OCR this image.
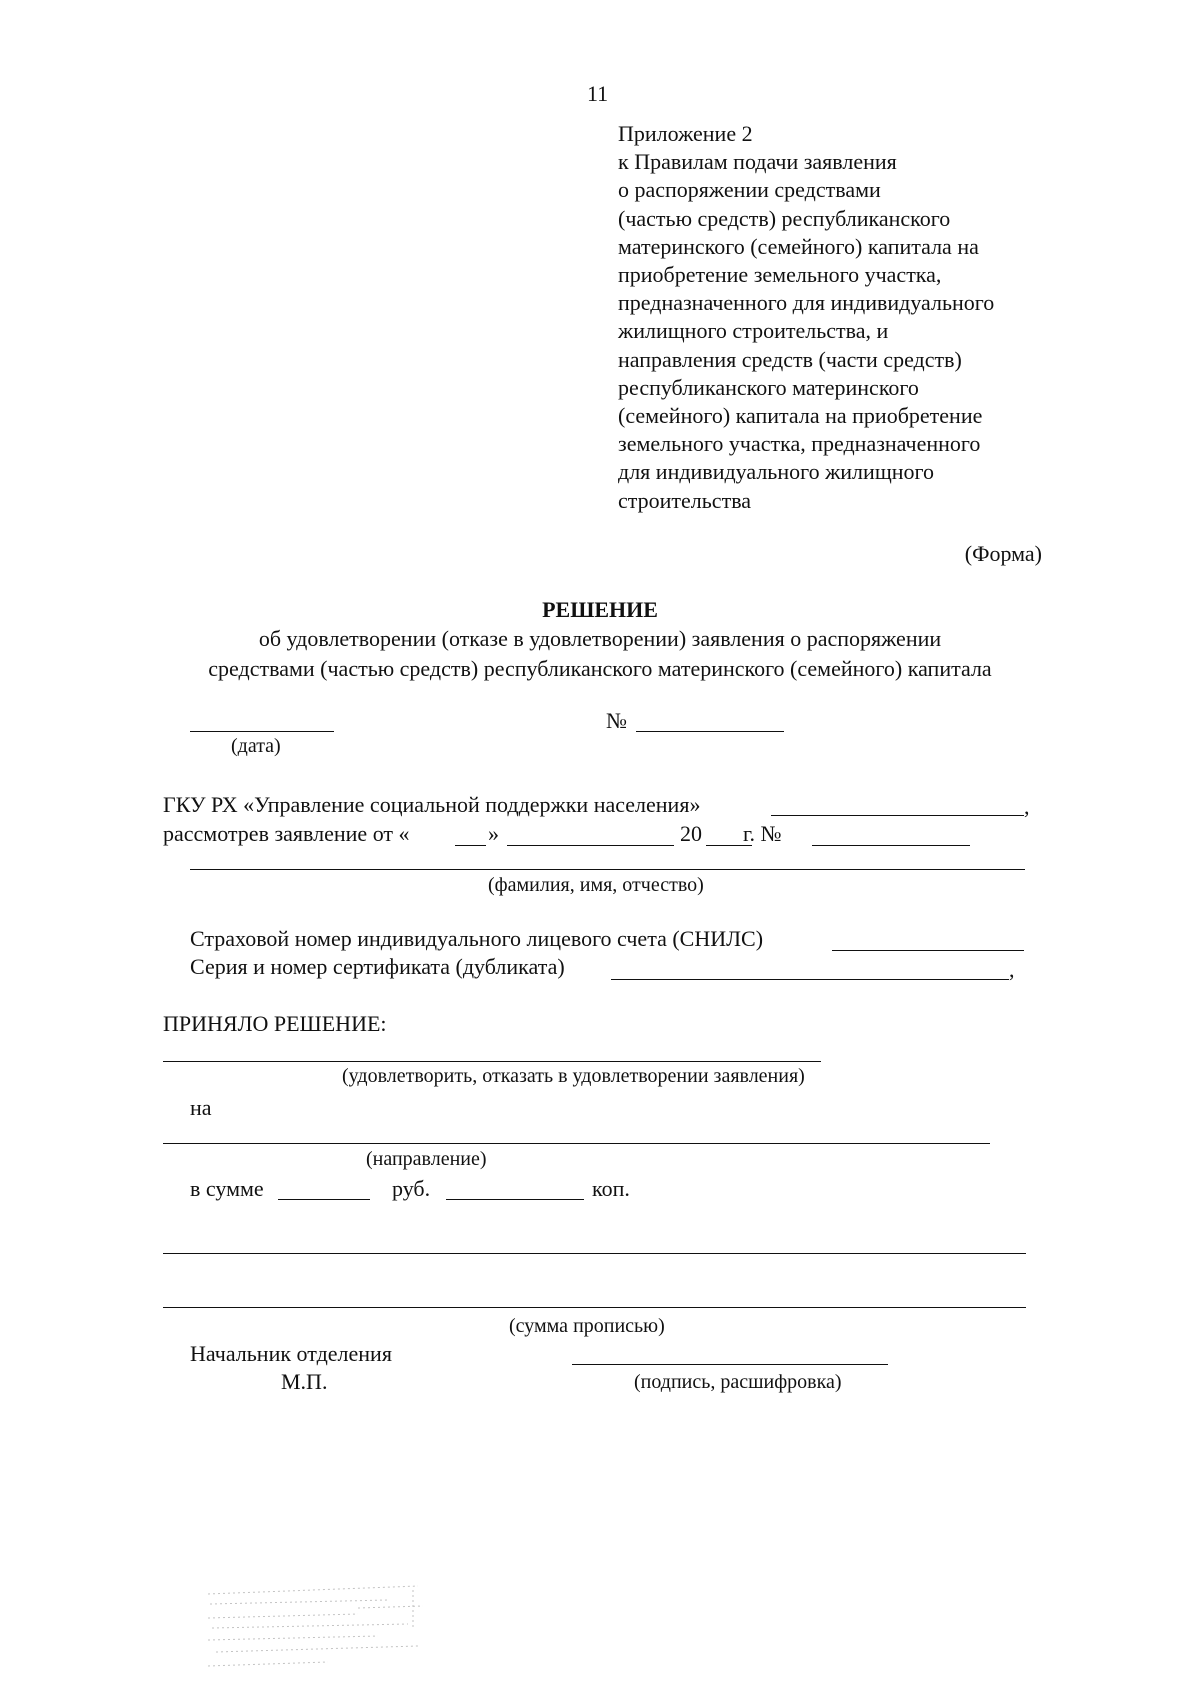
11
Приложение 2
к Правилам подачи заявления
о распоряжении средствами
(частью средств) республиканского
материнского (семейного) капитала на
приобретение земельного участка,
предназначенного для индивидуального
жилищного строительства, и
направления средств (части средств)
республиканского материнского
(семейного) капитала на приобретение
земельного участка, предназначенного
для индивидуального жилищного
строительства
(Форма)
РЕШЕНИЕ
об удовлетворении (отказе в удовлетворении) заявления о распоряжении
средствами (частью средств) республиканского материнского (семейного) капитала
(дата)
№
ГКУ РХ «Управление социальной поддержки населения»	,
рассмотрев заявление от «	»	20 г. №
(фамилия, имя, отчество)
Страховой номер индивидуального лицевого счета (СНИЛС)
Серия и номер сертификата (дубликата)	,
ПРИНЯЛО РЕШЕНИЕ:
(удовлетворить, отказать в удовлетворении заявления)
на
(направление)
в сумме	руб.	коп.
(сумма прописью)
Начальник отделения
М.П.	(подпись, расшифровка)
